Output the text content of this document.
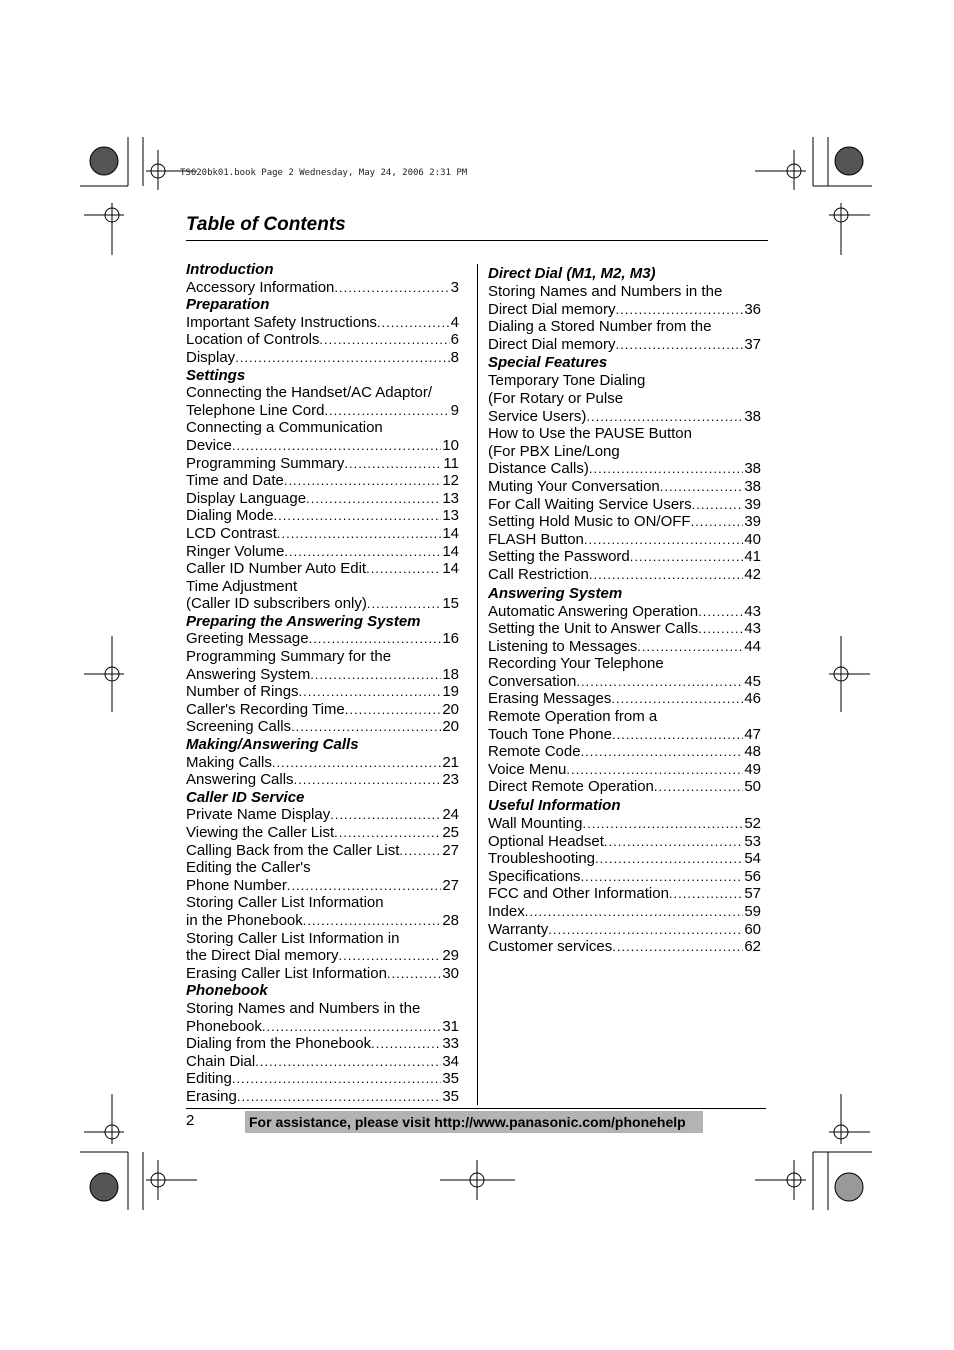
TS620bk01.book Page 2 Wednesday, May 24, 2006 2:31 PM
Table of Contents
Introduction
Accessory Information .....	3
Preparation
Important Safety Instructions .....	4
Location of Controls .....	6
Display .....	8
Settings
Connecting the Handset/AC Adaptor/
Telephone Line Cord .....	9
Connecting a Communication
Device .....	10
Programming Summary .....	11
Time and Date .....	12
Display Language .....	13
Dialing Mode .....	13
LCD Contrast .....	14
Ringer Volume .....	14
Caller ID Number Auto Edit .....	14
Time Adjustment
(Caller ID subscribers only) .....	15
Preparing the Answering System
Greeting Message .....	16
Programming Summary for the
Answering System .....	18
Number of Rings .....	19
Caller's Recording Time .....	20
Screening Calls .....	20
Making/Answering Calls
Making Calls .....	21
Answering Calls .....	23
Caller ID Service
Private Name Display .....	24
Viewing the Caller List .....	25
Calling Back from the Caller List .....	27
Editing the Caller's
Phone Number .....	27
Storing Caller List Information
in the Phonebook .....	28
Storing Caller List Information in
the Direct Dial memory .....	29
Erasing Caller List Information .....	30
Phonebook
Storing Names and Numbers in the
Phonebook .....	31
Dialing from the Phonebook .....	33
Chain Dial .....	34
Editing .....	35
Erasing .....	35
Direct Dial (M1, M2, M3)
Storing Names and Numbers in the
Direct Dial memory .....	36
Dialing a Stored Number from the
Direct Dial memory .....	37
Special Features
Temporary Tone Dialing
(For Rotary or Pulse
Service Users) .....	38
How to Use the PAUSE Button
(For PBX Line/Long
Distance Calls) .....	38
Muting Your Conversation .....	38
For Call Waiting Service Users .....	39
Setting Hold Music to ON/OFF .....	39
FLASH Button .....	40
Setting the Password .....	41
Call Restriction .....	42
Answering System
Automatic Answering Operation .....	43
Setting the Unit to Answer Calls .....	43
Listening to Messages .....	44
Recording Your Telephone
Conversation .....	45
Erasing Messages .....	46
Remote Operation from a
Touch Tone Phone .....	47
Remote Code .....	48
Voice Menu .....	49
Direct Remote Operation .....	50
Useful Information
Wall Mounting .....	52
Optional Headset .....	53
Troubleshooting .....	54
Specifications .....	56
FCC and Other Information .....	57
Index .....	59
Warranty .....	60
Customer services .....	62
2	For assistance, please visit http://www.panasonic.com/phonehelp
